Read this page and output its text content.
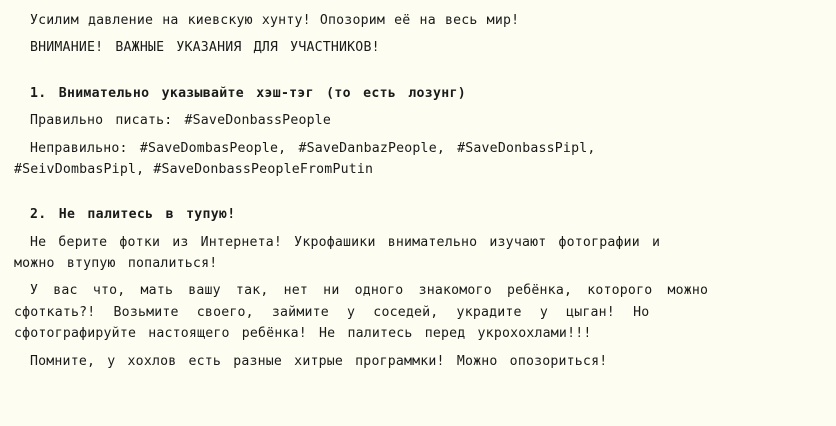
Усилим давление на киевскую хунту! Опозорим её на весь мир!

ВНИМАНИЕ! ВАЖНЫЕ УКАЗАНИЯ ДЛЯ УЧАСТНИКОВ!

1. Внимательно указывайте хэш-тэг (то есть лозунг)

Правильно писать: #SaveDonbassPeople

Неправильно: #SaveDombasPeople, #SaveDanbazPeople, #SaveDonbassPipl,

#SeivDombasPipl, #SaveDonbassPeopleFromPutin

2. Не палитесь в тупую!

Не берите фотки из Интернета! Укрофашики внимательно изучают фотографии и

можно втупую попалиться!

У вас что, мать вашу так, нет ни одного знакомого ребёнка, которого можно

сфоткать?! Возьмите своего, займите у соседей, украдите у цыган! Но

сфотографируйте настоящего ребёнка! Не палитесь перед укрохохлами!!!

Помните, у хохлов есть разные хитрые программки! Можно опозориться!
